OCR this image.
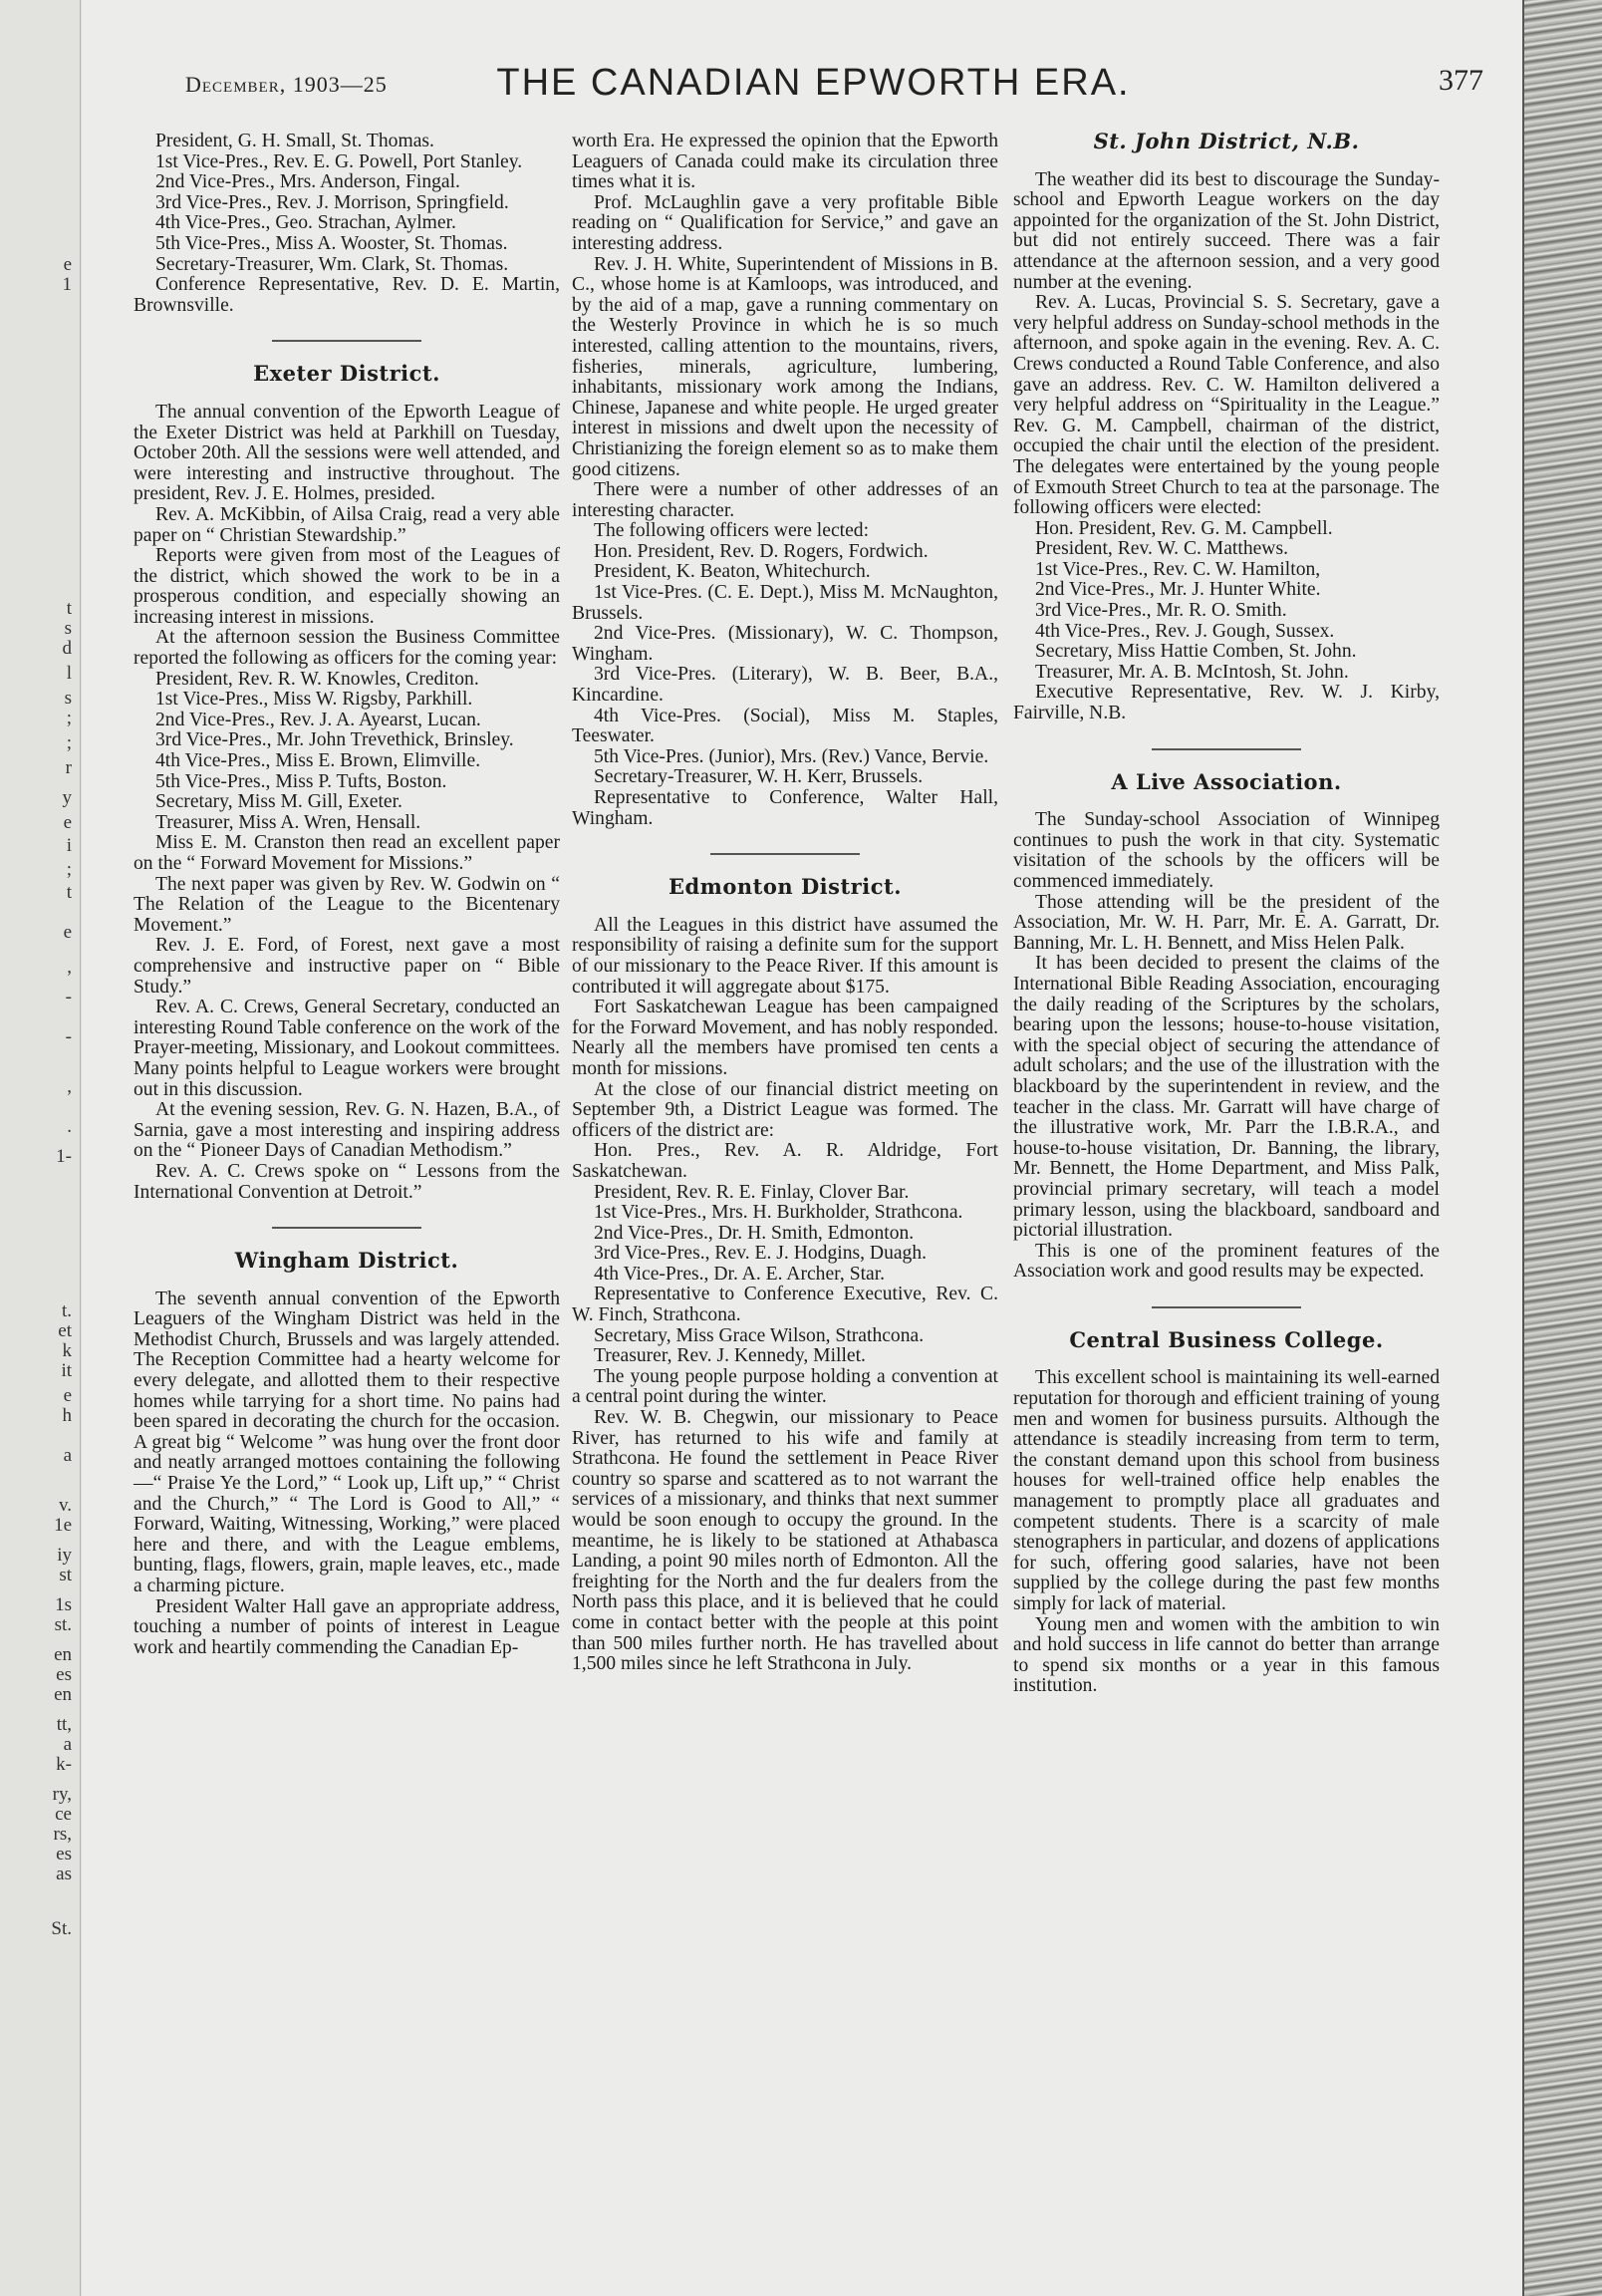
e
1
t
s
d
l
s
;
;
r
y
e
i
;
t
e
,
-
-
,
.
1-
t.
et
k
it
e
h
a
v.
1e
iy
st
1s
st.
en
es
en
tt,
a
k-
ry,
ce
rs,
es
as
St.
December, 1903—25	THE CANADIAN EPWORTH ERA.	377

President, G. H. Small, St. Thomas.

1st Vice-Pres., Rev. E. G. Powell, Port Stanley.

2nd Vice-Pres., Mrs. Anderson, Fingal.

3rd Vice-Pres., Rev. J. Morrison, Springfield.

4th Vice-Pres., Geo. Strachan, Aylmer.

5th Vice-Pres., Miss A. Wooster, St. Thomas.

Secretary-Treasurer, Wm. Clark, St. Thomas.

Conference Representative, Rev. D. E. Martin, Brownsville.

Exeter District.

The annual convention of the Epworth League of the Exeter District was held at Parkhill on Tuesday, October 20th. All the sessions were well attended, and were interesting and instructive throughout. The president, Rev. J. E. Holmes, presided.

Rev. A. McKibbin, of Ailsa Craig, read a very able paper on “ Christian Stewardship.”

Reports were given from most of the Leagues of the district, which showed the work to be in a prosperous condition, and especially showing an increasing interest in missions.

At the afternoon session the Business Committee reported the following as officers for the coming year:

President, Rev. R. W. Knowles, Crediton.

1st Vice-Pres., Miss W. Rigsby, Parkhill.

2nd Vice-Pres., Rev. J. A. Ayearst, Lucan.

3rd Vice-Pres., Mr. John Trevethick, Brinsley.

4th Vice-Pres., Miss E. Brown, Elimville.

5th Vice-Pres., Miss P. Tufts, Boston.

Secretary, Miss M. Gill, Exeter.

Treasurer, Miss A. Wren, Hensall.

Miss E. M. Cranston then read an excellent paper on the “ Forward Movement for Missions.”

The next paper was given by Rev. W. Godwin on “ The Relation of the League to the Bicentenary Movement.”

Rev. J. E. Ford, of Forest, next gave a most comprehensive and instructive paper on “ Bible Study.”

Rev. A. C. Crews, General Secretary, conducted an interesting Round Table conference on the work of the Prayer-meeting, Missionary, and Lookout committees. Many points helpful to League workers were brought out in this discussion.

At the evening session, Rev. G. N. Hazen, B.A., of Sarnia, gave a most interesting and inspiring address on the “ Pioneer Days of Canadian Methodism.”

Rev. A. C. Crews spoke on “ Lessons from the International Convention at Detroit.”

Wingham District.

The seventh annual convention of the Epworth Leaguers of the Wingham District was held in the Methodist Church, Brussels and was largely attended. The Reception Committee had a hearty welcome for every delegate, and allotted them to their respective homes while tarrying for a short time. No pains had been spared in decorating the church for the occasion. A great big “ Welcome ” was hung over the front door and neatly arranged mottoes containing the following—“ Praise Ye the Lord,” “ Look up, Lift up,” “ Christ and the Church,” “ The Lord is Good to All,” “ Forward, Waiting, Witnessing, Working,” were placed here and there, and with the League emblems, bunting, flags, flowers, grain, maple leaves, etc., made a charming picture.

President Walter Hall gave an appropriate address, touching a number of points of interest in League work and heartily commending the Canadian Ep-

worth Era. He expressed the opinion that the Epworth Leaguers of Canada could make its circulation three times what it is.

Prof. McLaughlin gave a very profitable Bible reading on “ Qualification for Service,” and gave an interesting address.

Rev. J. H. White, Superintendent of Missions in B. C., whose home is at Kamloops, was introduced, and by the aid of a map, gave a running commentary on the Westerly Province in which he is so much interested, calling attention to the mountains, rivers, fisheries, minerals, agriculture, lumbering, inhabitants, missionary work among the Indians, Chinese, Japanese and white people. He urged greater interest in missions and dwelt upon the necessity of Christianizing the foreign element so as to make them good citizens.

There were a number of other addresses of an interesting character.

The following officers were lected:

Hon. President, Rev. D. Rogers, Fordwich.

President, K. Beaton, Whitechurch.

1st Vice-Pres. (C. E. Dept.), Miss M. McNaughton, Brussels.

2nd Vice-Pres. (Missionary), W. C. Thompson, Wingham.

3rd Vice-Pres. (Literary), W. B. Beer, B.A., Kincardine.

4th Vice-Pres. (Social), Miss M. Staples, Teeswater.

5th Vice-Pres. (Junior), Mrs. (Rev.) Vance, Bervie.

Secretary-Treasurer, W. H. Kerr, Brussels.

Representative to Conference, Walter Hall, Wingham.

Edmonton District.

All the Leagues in this district have assumed the responsibility of raising a definite sum for the support of our missionary to the Peace River. If this amount is contributed it will aggregate about $175.

Fort Saskatchewan League has been campaigned for the Forward Movement, and has nobly responded. Nearly all the members have promised ten cents a month for missions.

At the close of our financial district meeting on September 9th, a District League was formed. The officers of the district are:

Hon. Pres., Rev. A. R. Aldridge, Fort Saskatchewan.

President, Rev. R. E. Finlay, Clover Bar.

1st Vice-Pres., Mrs. H. Burkholder, Strathcona.

2nd Vice-Pres., Dr. H. Smith, Edmonton.

3rd Vice-Pres., Rev. E. J. Hodgins, Duagh.

4th Vice-Pres., Dr. A. E. Archer, Star.

Representative to Conference Executive, Rev. C. W. Finch, Strathcona.

Secretary, Miss Grace Wilson, Strathcona.

Treasurer, Rev. J. Kennedy, Millet.

The young people purpose holding a convention at a central point during the winter.

Rev. W. B. Chegwin, our missionary to Peace River, has returned to his wife and family at Strathcona. He found the settlement in Peace River country so sparse and scattered as to not warrant the services of a missionary, and thinks that next summer would be soon enough to occupy the ground. In the meantime, he is likely to be stationed at Athabasca Landing, a point 90 miles north of Edmonton. All the freighting for the North and the fur dealers from the North pass this place, and it is believed that he could come in contact better with the people at this point than 500 miles further north. He has travelled about 1,500 miles since he left Strathcona in July.

St. John District, N.B.

The weather did its best to discourage the Sunday-school and Epworth League workers on the day appointed for the organization of the St. John District, but did not entirely succeed. There was a fair attendance at the afternoon session, and a very good number at the evening.

Rev. A. Lucas, Provincial S. S. Secretary, gave a very helpful address on Sunday-school methods in the afternoon, and spoke again in the evening. Rev. A. C. Crews conducted a Round Table Conference, and also gave an address. Rev. C. W. Hamilton delivered a very helpful address on “Spirituality in the League.” Rev. G. M. Campbell, chairman of the district, occupied the chair until the election of the president. The delegates were entertained by the young people of Exmouth Street Church to tea at the parsonage. The following officers were elected:

Hon. President, Rev. G. M. Campbell.

President, Rev. W. C. Matthews.

1st Vice-Pres., Rev. C. W. Hamilton,

2nd Vice-Pres., Mr. J. Hunter White.

3rd Vice-Pres., Mr. R. O. Smith.

4th Vice-Pres., Rev. J. Gough, Sussex.

Secretary, Miss Hattie Comben, St. John.

Treasurer, Mr. A. B. McIntosh, St. John.

Executive Representative, Rev. W. J. Kirby, Fairville, N.B.

A Live Association.

The Sunday-school Association of Winnipeg continues to push the work in that city. Systematic visitation of the schools by the officers will be commenced immediately.

Those attending will be the president of the Association, Mr. W. H. Parr, Mr. E. A. Garratt, Dr. Banning, Mr. L. H. Bennett, and Miss Helen Palk.

It has been decided to present the claims of the International Bible Reading Association, encouraging the daily reading of the Scriptures by the scholars, bearing upon the lessons; house-to-house visitation, with the special object of securing the attendance of adult scholars; and the use of the illustration with the blackboard by the superintendent in review, and the teacher in the class. Mr. Garratt will have charge of the illustrative work, Mr. Parr the I.B.R.A., and house-to-house visitation, Dr. Banning, the library, Mr. Bennett, the Home Department, and Miss Palk, provincial primary secretary, will teach a model primary lesson, using the blackboard, sandboard and pictorial illustration.

This is one of the prominent features of the Association work and good results may be expected.

Central Business College.

This excellent school is maintaining its well-earned reputation for thorough and efficient training of young men and women for business pursuits. Although the attendance is steadily increasing from term to term, the constant demand upon this school from business houses for well-trained office help enables the management to promptly place all graduates and competent students. There is a scarcity of male stenographers in particular, and dozens of applications for such, offering good salaries, have not been supplied by the college during the past few months simply for lack of material.

Young men and women with the ambition to win and hold success in life cannot do better than arrange to spend six months or a year in this famous institution.
